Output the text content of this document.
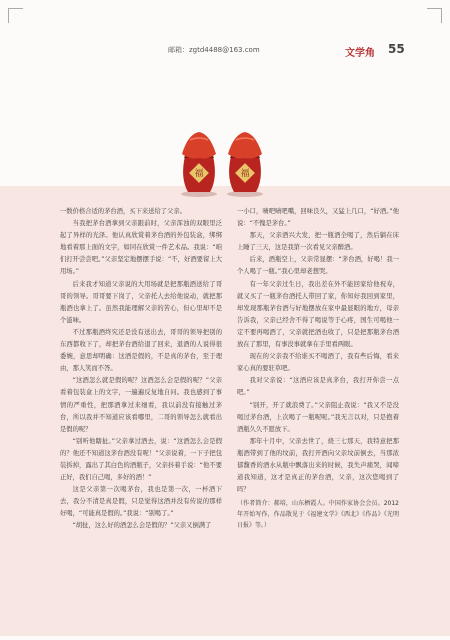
邮箱：zgtd4488@163.com	文学角 55
福	福

一数价格合适的茅台酒，买下来送给了父亲。

当我把茅台酒拿到父亲跟前时，父亲浑浊的双眼里泛起了异样的光泽。他认真欣赏着茅台酒的外包装盒，绑绑地看着那上面的文字，如同在欣赏一件艺术品。我说：“咱们打开尝尝吧。”父亲坚定地摆摆手说：“不，好酒要留上大用场。”

后来我才知道父亲说的大用场就是把那瓶酒送给了哥哥的领导。哥哥要下岗了，父亲托人去给他说动，就把那瓶酒也拿上了。虽然我能理解父亲的苦心，但心里却不是个滋味。

不过那瓶酒终究还是没有送出去，哥哥的领导把别的东西都收下了，却把茅台酒给退了回来，退酒的人说得很委婉，意思却明确：这酒是假的，不是真的茅台，至于理由，那人笑而不答。

“这酒怎么就是假的呢？这酒怎么会是假的呢？”父亲看着包装盒上的文字，一遍遍反复地自问。我也感到了事情的严重性，把那酒拿过来细看，我以前没有接触过茅台，所以我并不知道应该看哪里，二哥的领导怎么就看出是假的呢？

“别听他瞎扯。”父亲拿过酒去，说：“这酒怎么会是假的？他还不知道这茅台酒没有呢！”父亲说着，一下子把包装拆掉，露出了其白色的酒瓶子，父亲抖着手说：“他不要正好，我们自己喝，多好的酒！”

这是父亲第一次喝茅台，我也是第一次，一杯酒下去，我分不清是真是假，只是觉得这酒并没有传说的那样好喝，“可能真是假的。”我说：“别喝了。”

“胡扯，这么好的酒怎么会是假的？”父亲又倒满了

一小口，啧吧啧吧嘴，回味良久，又猛上几口，“好酒。”他说：“不愧是茅台。”

那天，父亲酒兴大发，把一瓶酒全喝了，然后躺在床上睡了三天，这是我第一次看见父亲醉酒。

后来，酒瓶空上，父亲常显摆：“茅台酒，好喝！我一个人喝了一瓶。”我心里却老想哭。

有一年父亲过生日，我出差在外不能回家给他祝寿，就又买了一瓶茅台酒托人带回了家，你知好我回到家里，却发现那瓶茅台酒与好地摆放在家中最显眼的地方，母亲告诉我，父亲已经舍不得了喝说等于心疼，国生可喝他一定不要再喝酒了，父亲就把酒也收了，只是把那瓶茅台酒放在了那里，有事没事就拿在手里看两眼。

现在的父亲我不给谁买不喝酒了，我有些后悔，看来家心真的要驻草吧。

我对父亲说：“这酒应该是真茅台，我打开你尝一点吧。”

“别开，开了就浪费了。”父亲阻止我说：“我又不是没喝过茅台酒，上次喝了一瓶呢呢。”我无言以对，只是抱着酒瓶久久不愿放下。

那年十月中，父亲去世了，烧三七那天，我特意把那瓶酒带到了他的坟前，我打开酒向父亲坟前倒去，当那浓郁馥香的酒水从瓶中飘落出来的时候，我失声痛哭，闻啼道我知道，这才是真正的茅台酒，父亲，这次您喝到了吗？

（作者简介：郝培，山东栖霞人。中国作家协会会员。2012年开始写作，作品散见于《福建文学》《西北》《作品》《光明日报》等。）
